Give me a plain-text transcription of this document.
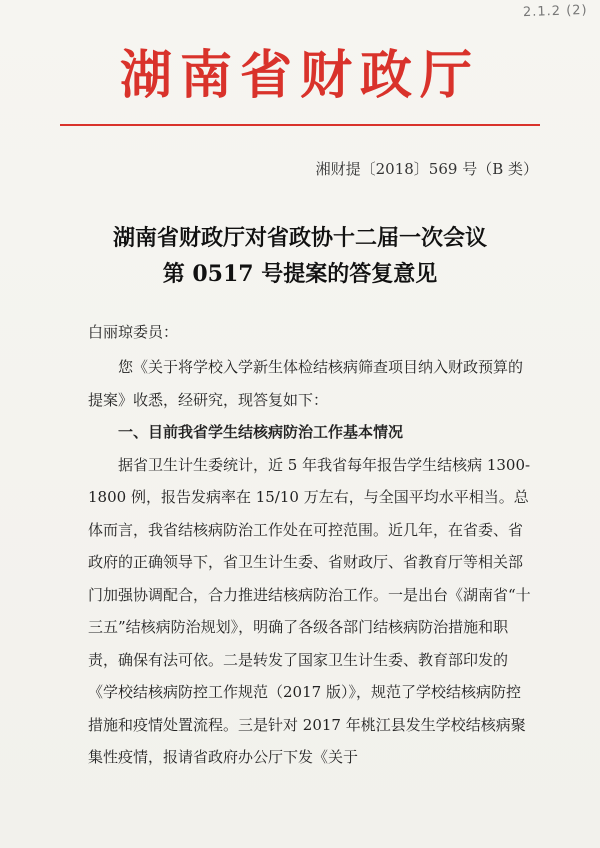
2.1.2 (2)
湖南省财政厅
湘财提〔2018〕569 号（B 类）
湖南省财政厅对省政协十二届一次会议
第 0517 号提案的答复意见
白丽琼委员：

您《关于将学校入学新生体检结核病筛查项目纳入财政预算的提案》收悉，经研究，现答复如下：

一、目前我省学生结核病防治工作基本情况

据省卫生计生委统计，近 5 年我省每年报告学生结核病 1300-1800 例，报告发病率在 15/10 万左右，与全国平均水平相当。总体而言，我省结核病防治工作处在可控范围。近几年，在省委、省政府的正确领导下，省卫生计生委、省财政厅、省教育厅等相关部门加强协调配合，合力推进结核病防治工作。一是出台《湖南省“十三五”结核病防治规划》，明确了各级各部门结核病防治措施和职责，确保有法可依。二是转发了国家卫生计生委、教育部印发的《学校结核病防控工作规范（2017 版）》，规范了学校结核病防控措施和疫情处置流程。三是针对 2017 年桃江县发生学校结核病聚集性疫情，报请省政府办公厅下发《关于
